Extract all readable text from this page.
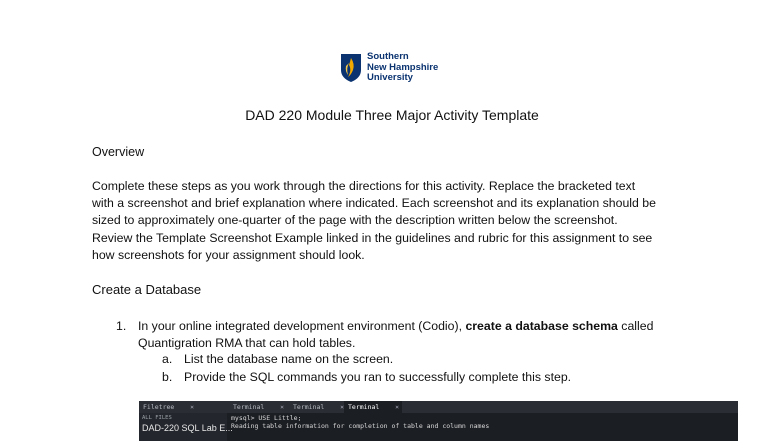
Southern
New Hampshire
University
DAD 220 Module Three Major Activity Template
Overview
Complete these steps as you work through the directions for this activity. Replace the bracketed text
with a screenshot and brief explanation where indicated. Each screenshot and its explanation should be
sized to approximately one-quarter of the page with the description written below the screenshot.
Review the Template Screenshot Example linked in the guidelines and rubric for this assignment to see
how screenshots for your assignment should look.
Create a Database
1. In your online integrated development environment (Codio), create a database schema called
Quantigration RMA that can hold tables.
a. List the database name on the screen.
b. Provide the SQL commands you ran to successfully complete this step.
Filetree ×	Terminal ×	Terminal × Terminal ×
ALL FILES
DAD-220 SQL Lab E...
mysql> USE Little;
Reading table information for completion of table and column names
